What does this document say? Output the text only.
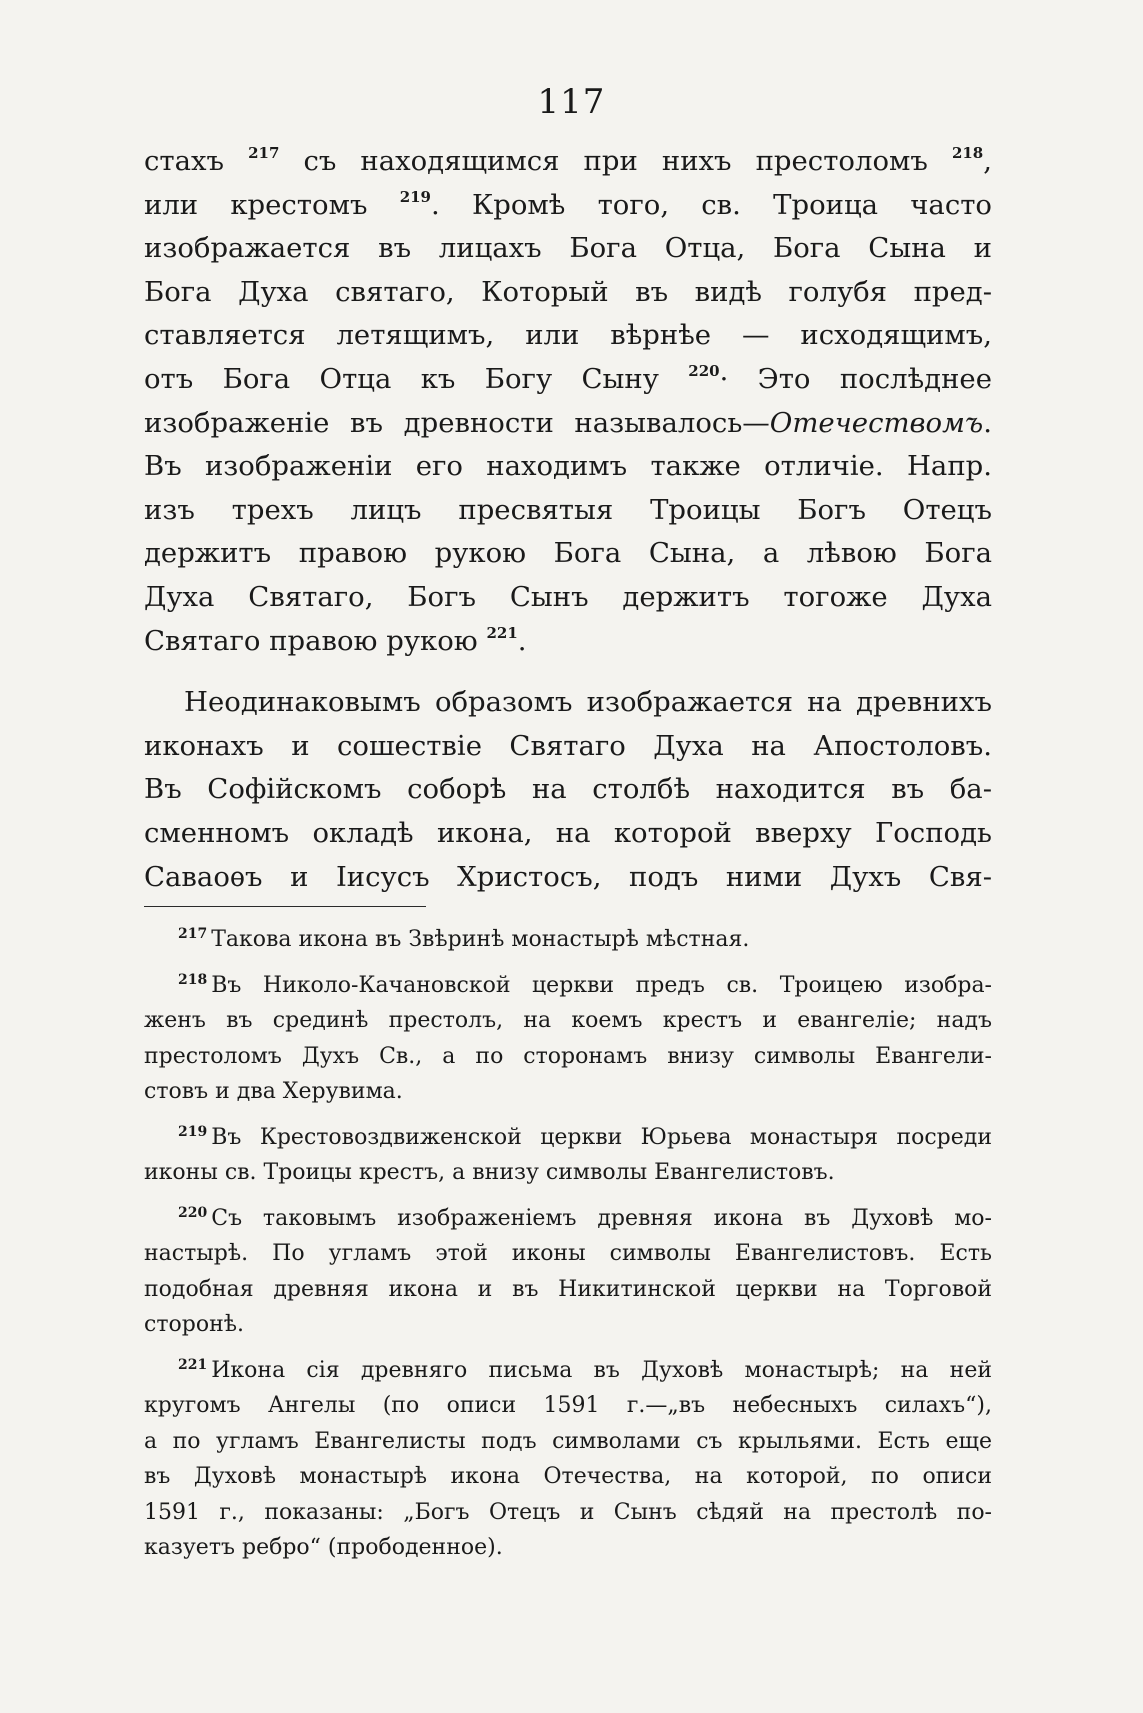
117
стахъ $^{217}$ съ находящимся при нихъ престоломъ $^{218}$,
или крестомъ $^{219}$. Кромѣ того, св. Троица часто
изображается въ лицахъ Бога Отца, Бога Сына и
Бога Духа святаго, Который въ видѣ голубя пред-
ставляется летящимъ, или вѣрнѣе — исходящимъ,
отъ Бога Отца къ Богу Сыну $^{220}$· Это послѣднее
изображеніе въ древности называлось—Отечествомъ.
Въ изображеніи его находимъ также отличіе. Напр.
изъ трехъ лицъ пресвятыя Троицы Богъ Отецъ
держитъ правою рукою Бога Сына, а лѣвою Бога
Духа Святаго, Богъ Сынъ держитъ тогоже Духа
Святаго правою рукою $^{221}$.
Неодинаковымъ образомъ изображается на древнихъ
иконахъ и сошествіе Святаго Духа на Апостоловъ.
Въ Софійскомъ соборѣ на столбѣ находится въ ба-
сменномъ окладѣ икона, на которой вверху Господь
Саваоѳъ и Іисусъ Христосъ, подъ ними Духъ Свя-
$^{217}$ Такова икона въ Звѣринѣ монастырѣ мѣстная.
$^{218}$ Въ Николо-Качановской церкви предъ св. Троицею изобра-
женъ въ срединѣ престолъ, на коемъ крестъ и евангеліе; надъ
престоломъ Духъ Св., а по сторонамъ внизу символы Евангели-
стовъ и два Херувима.
$^{219}$ Въ Крестовоздвиженской церкви Юрьева монастыря посреди
иконы св. Троицы крестъ, а внизу символы Евангелистовъ.
$^{220}$ Съ таковымъ изображеніемъ древняя икона въ Духовѣ мо-
настырѣ. По угламъ этой иконы символы Евангелистовъ. Есть
подобная древняя икона и въ Никитинской церкви на Торговой
сторонѣ.
$^{221}$ Икона сія древняго письма въ Духовѣ монастырѣ; на ней
кругомъ Ангелы (по описи 1591 г.—„въ небесныхъ силахъ“),
а по угламъ Евангелисты подъ символами съ крыльями. Есть еще
въ Духовѣ монастырѣ икона Отечества, на которой, по описи
1591 г., показаны: „Богъ Отецъ и Сынъ сѣдяй на престолѣ по-
казуетъ ребро“ (прободенное).
